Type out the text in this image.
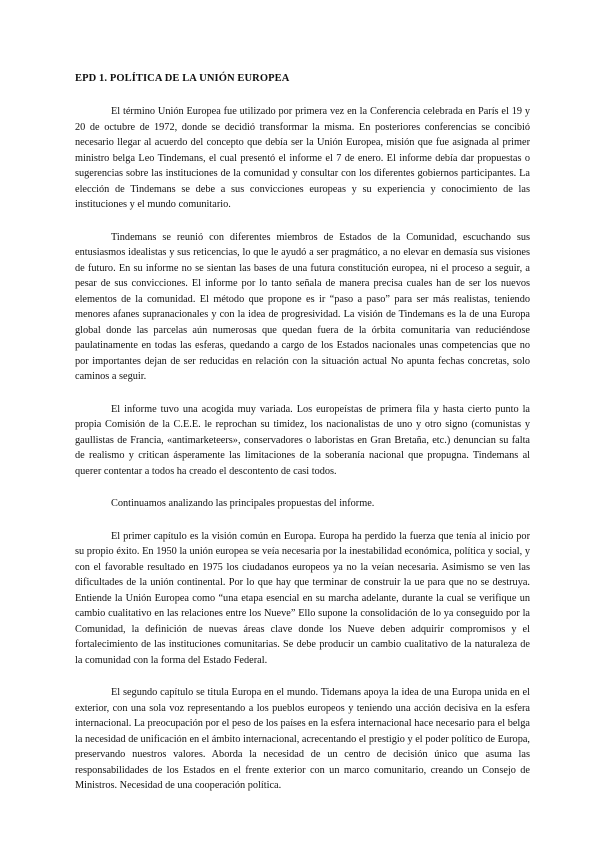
EPD 1. POLÍTICA DE LA UNIÓN EUROPEA

El término Unión Europea fue utilizado por primera vez en la Conferencia celebrada en París el 19 y 20 de octubre de 1972, donde se decidió transformar la misma. En posteriores conferencias se concibió necesario llegar al acuerdo del concepto que debía ser la Unión Europea, misión que fue asignada al primer ministro belga Leo Tindemans, el cual presentó el informe el 7 de enero. El informe debía dar propuestas o sugerencias sobre las instituciones de la comunidad y consultar con los diferentes gobiernos participantes. La elección de Tindemans se debe a sus convicciones europeas y su experiencia y conocimiento de las instituciones y el mundo comunitario.

Tindemans se reunió con diferentes miembros de Estados de la Comunidad, escuchando sus entusiasmos idealistas y sus reticencias, lo que le ayudó a ser pragmático, a no elevar en demasía sus visiones de futuro. En su informe no se sientan las bases de una futura constitución europea, ni el proceso a seguir, a pesar de sus convicciones. El informe por lo tanto señala de manera precisa cuales han de ser los nuevos elementos de la comunidad. El método que propone es ir “paso a paso” para ser más realistas, teniendo menores afanes supranacionales y con la idea de progresividad. La visión de Tindemans es la de una Europa global donde las parcelas aún numerosas que quedan fuera de la órbita comunitaria van reduciéndose paulatinamente en todas las esferas, quedando a cargo de los Estados nacionales unas competencias que no por importantes dejan de ser reducidas en relación con la situación actual No apunta fechas concretas, solo caminos a seguir.

El informe tuvo una acogida muy variada. Los europeístas de primera fila y hasta cierto punto la propia Comisión de la C.E.E. le reprochan su timidez, los nacionalistas de uno y otro signo (comunistas y gaullistas de Francia, «antimarketeers», conservadores o laboristas en Gran Bretaña, etc.) denuncian su falta de realismo y critican ásperamente las limitaciones de la soberanía nacional que propugna. Tindemans al querer contentar a todos ha creado el descontento de casi todos.

Continuamos analizando las principales propuestas del informe.

El primer capítulo es la visión común en Europa. Europa ha perdido la fuerza que tenía al inicio por su propio éxito. En 1950 la unión europea se veía necesaria por la inestabilidad económica, política y social, y con el favorable resultado en 1975 los ciudadanos europeos ya no la veían necesaria. Asimismo se ven las dificultades de la unión continental. Por lo que hay que terminar de construir la ue para que no se destruya. Entiende la Unión Europea como “una etapa esencial en su marcha adelante, durante la cual se verifique un cambio cualitativo en las relaciones entre los Nueve” Ello supone la consolidación de lo ya conseguido por la Comunidad, la definición de nuevas áreas clave donde los Nueve deben adquirir compromisos y el fortalecimiento de las instituciones comunitarias. Se debe producir un cambio cualitativo de la naturaleza de la comunidad con la forma del Estado Federal.

El segundo capítulo se titula Europa en el mundo. Tidemans apoya la idea de una Europa unida en el exterior, con una sola voz representando a los pueblos europeos y teniendo una acción decisiva en la esfera internacional. La preocupación por el peso de los países en la esfera internacional hace necesario para el belga la necesidad de unificación en el ámbito internacional, acrecentando el prestigio y el poder político de Europa, preservando nuestros valores. Aborda la necesidad de un centro de decisión único que asuma las responsabilidades de los Estados en el frente exterior con un marco comunitario, creando un Consejo de Ministros. Necesidad de una cooperación política.
